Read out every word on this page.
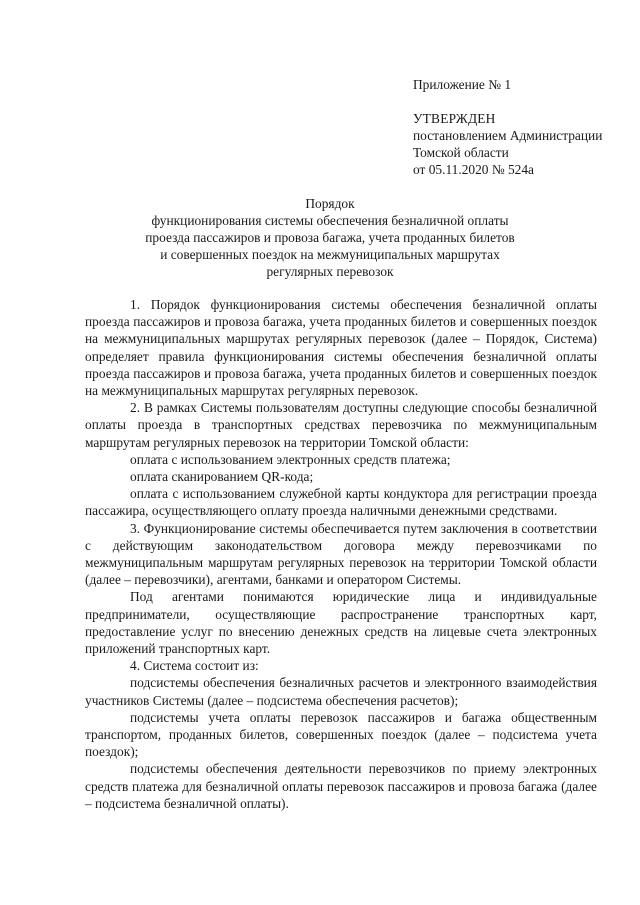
Приложение № 1
УТВЕРЖДЕН
постановлением Администрации
Томской области
от 05.11.2020 № 524а
Порядок
функционирования системы обеспечения безналичной оплаты
проезда пассажиров и провоза багажа, учета проданных билетов
и совершенных поездок на межмуниципальных маршрутах
регулярных перевозок

1. Порядок функционирования системы обеспечения безналичной оплаты проезда пассажиров и провоза багажа, учета проданных билетов и совершенных поездок на межмуниципальных маршрутах регулярных перевозок (далее – Порядок, Система) определяет правила функционирования системы обеспечения безналичной оплаты проезда пассажиров и провоза багажа, учета проданных билетов и совершенных поездок на межмуниципальных маршрутах регулярных перевозок.

2. В рамках Системы пользователям доступны следующие способы безналичной оплаты проезда в транспортных средствах перевозчика по межмуниципальным маршрутам регулярных перевозок на территории Томской области:

оплата с использованием электронных средств платежа;

оплата сканированием QR-кода;

оплата с использованием служебной карты кондуктора для регистрации проезда пассажира, осуществляющего оплату проезда наличными денежными средствами.

3. Функционирование системы обеспечивается путем заключения в соответствии с действующим законодательством договора между перевозчиками по межмуниципальным маршрутам регулярных перевозок на территории Томской области (далее – перевозчики), агентами, банками и оператором Системы.

Под агентами понимаются юридические лица и индивидуальные предприниматели, осуществляющие распространение транспортных карт, предоставление услуг по внесению денежных средств на лицевые счета электронных приложений транспортных карт.

4. Система состоит из:

подсистемы обеспечения безналичных расчетов и электронного взаимодействия участников Системы (далее – подсистема обеспечения расчетов);

подсистемы учета оплаты перевозок пассажиров и багажа общественным транспортом, проданных билетов, совершенных поездок (далее – подсистема учета поездок);

подсистемы обеспечения деятельности перевозчиков по приему электронных средств платежа для безналичной оплаты перевозок пассажиров и провоза багажа (далее – подсистема безналичной оплаты).
